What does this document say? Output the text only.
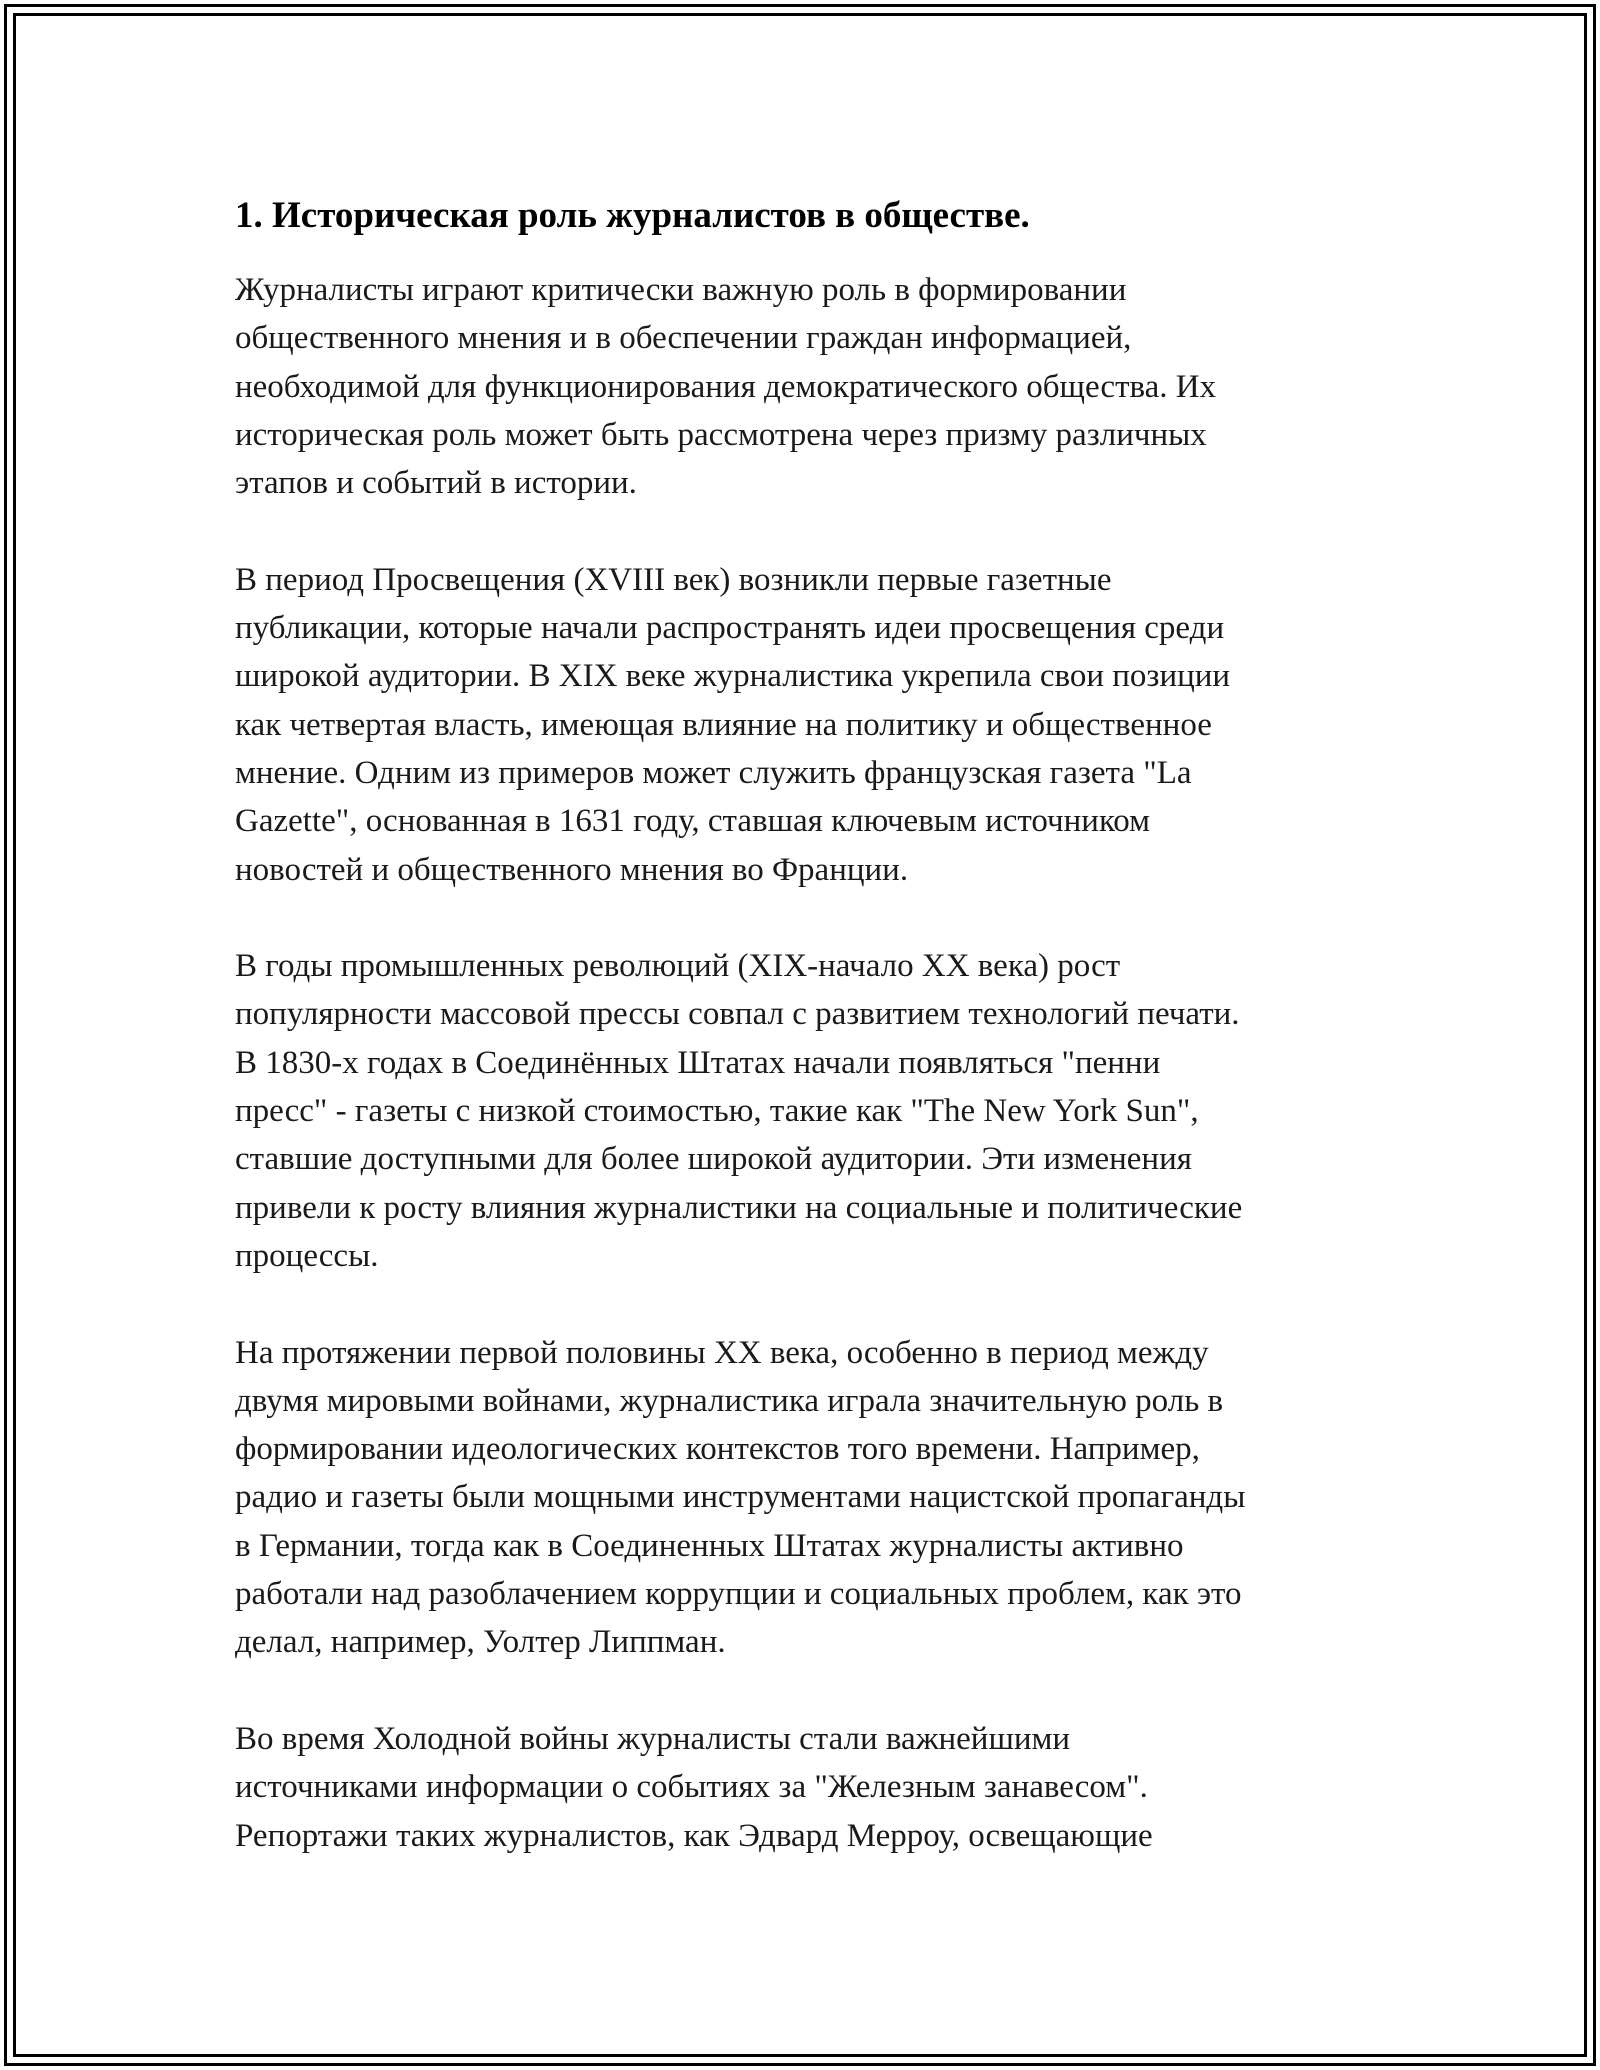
1. Историческая роль журналистов в обществе.

Журналисты играют критически важную роль в формировании
общественного мнения и в обеспечении граждан информацией,
необходимой для функционирования демократического общества. Их
историческая роль может быть рассмотрена через призму различных
этапов и событий в истории.

В период Просвещения (XVIII век) возникли первые газетные
публикации, которые начали распространять идеи просвещения среди
широкой аудитории. В XIX веке журналистика укрепила свои позиции
как четвертая власть, имеющая влияние на политику и общественное
мнение. Одним из примеров может служить французская газета "La
Gazette", основанная в 1631 году, ставшая ключевым источником
новостей и общественного мнения во Франции.

В годы промышленных революций (XIX-начало XX века) рост
популярности массовой прессы совпал с развитием технологий печати.
В 1830-х годах в Соединённых Штатах начали появляться "пенни
пресс" - газеты с низкой стоимостью, такие как "The New York Sun",
ставшие доступными для более широкой аудитории. Эти изменения
привели к росту влияния журналистики на социальные и политические
процессы.

На протяжении первой половины XX века, особенно в период между
двумя мировыми войнами, журналистика играла значительную роль в
формировании идеологических контекстов того времени. Например,
радио и газеты были мощными инструментами нацистской пропаганды
в Германии, тогда как в Соединенных Штатах журналисты активно
работали над разоблачением коррупции и социальных проблем, как это
делал, например, Уолтер Липпман.

Во время Холодной войны журналисты стали важнейшими
источниками информации о событиях за "Железным занавесом".
Репортажи таких журналистов, как Эдвард Мерроу, освещающие
